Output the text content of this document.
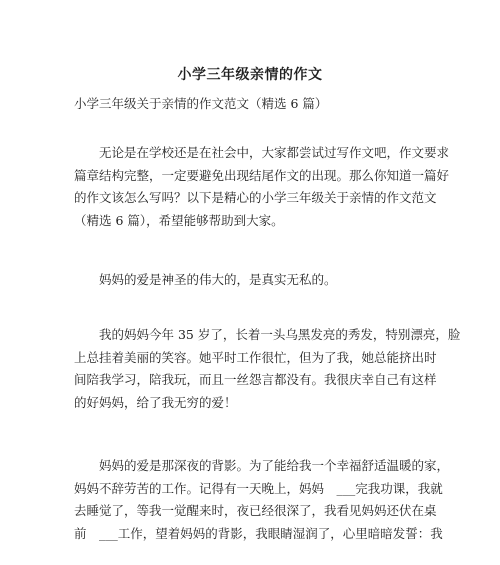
小学三年级亲情的作文
小学三年级关于亲情的作文范文（精选 6 篇）
　　无论是在学校还是在社会中，大家都尝试过写作文吧，作文要求
篇章结构完整，一定要避免出现结尾作文的出现。那么你知道一篇好
的作文该怎么写吗？以下是精心的小学三年级关于亲情的作文范文
（精选 6 篇），希望能够帮助到大家。
　　妈妈的爱是神圣的伟大的，是真实无私的。
　　我的妈妈今年 35 岁了，长着一头乌黑发亮的秀发，特别漂亮，脸
上总挂着美丽的笑容。她平时工作很忙，但为了我，她总能挤出时
间陪我学习，陪我玩，而且一丝怨言都没有。我很庆幸自己有这样
的好妈妈，给了我无穷的爱！
　　妈妈的爱是那深夜的背影。为了能给我一个幸福舒适温暖的家，
妈妈不辞劳苦的工作。记得有一天晚上，妈妈　___完我功课，我就
去睡觉了，等我一觉醒来时，夜已经很深了，我看见妈妈还伏在桌
前　___工作，望着妈妈的背影，我眼睛湿润了，心里暗暗发誓：我
